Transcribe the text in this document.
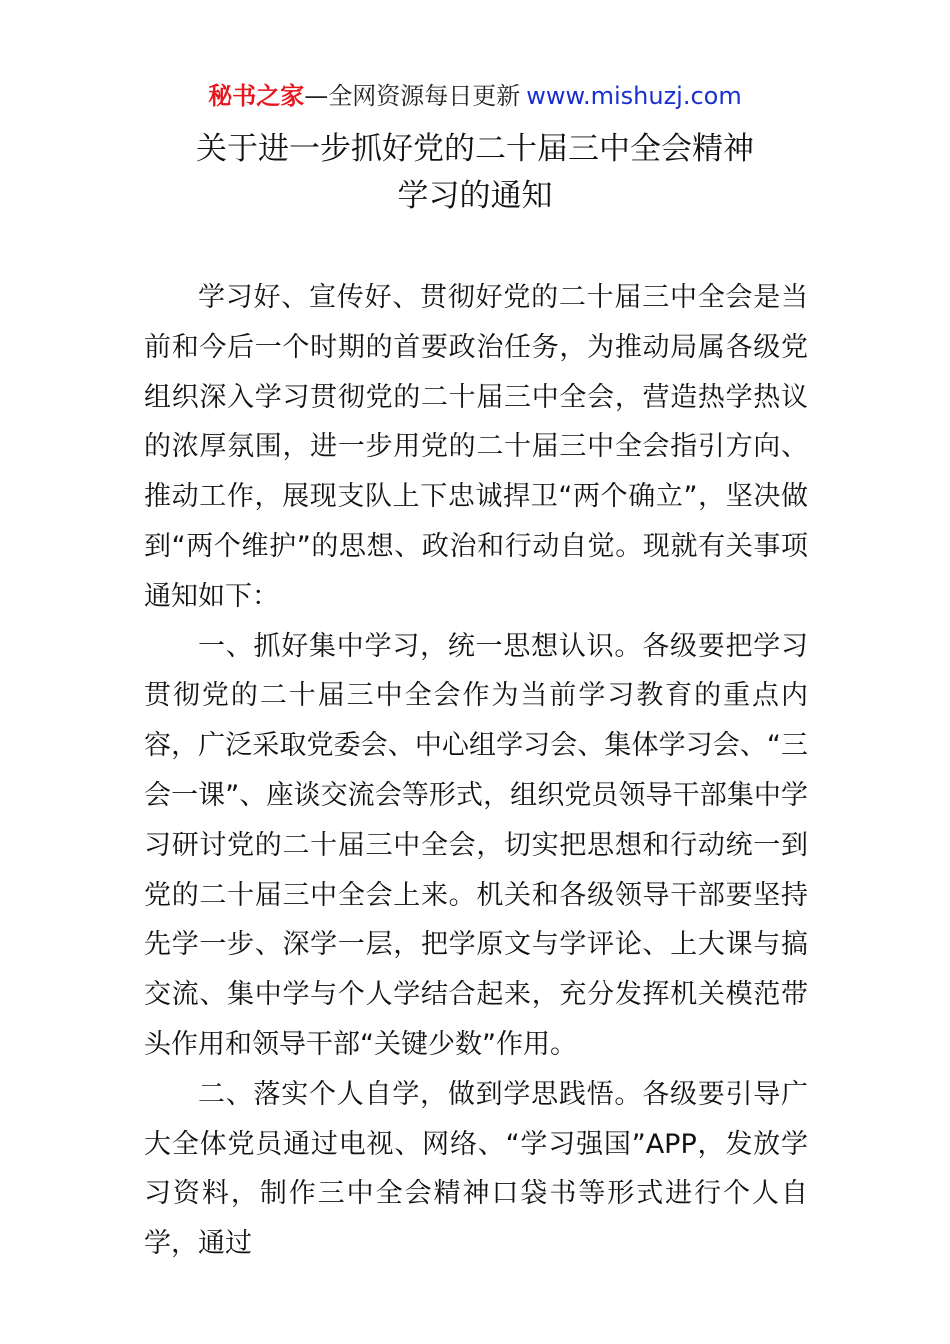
秘书之家—全网资源每日更新 www.mishuzj.com
关于进一步抓好党的二十届三中全会精神
学习的通知

学习好、宣传好、贯彻好党的二十届三中全会是当前和今后一个时期的首要政治任务，为推动局属各级党组织深入学习贯彻党的二十届三中全会，营造热学热议的浓厚氛围，进一步用党的二十届三中全会指引方向、推动工作，展现支队上下忠诚捍卫“两个确立”，坚决做到“两个维护”的思想、政治和行动自觉。现就有关事项通知如下：

一、抓好集中学习，统一思想认识。各级要把学习贯彻党的二十届三中全会作为当前学习教育的重点内容，广泛采取党委会、中心组学习会、集体学习会、“三会一课”、座谈交流会等形式，组织党员领导干部集中学习研讨党的二十届三中全会，切实把思想和行动统一到党的二十届三中全会上来。机关和各级领导干部要坚持先学一步、深学一层，把学原文与学评论、上大课与搞交流、集中学与个人学结合起来，充分发挥机关模范带头作用和领导干部“关键少数”作用。

二、落实个人自学，做到学思践悟。各级要引导广大全体党员通过电视、网络、“学习强国”APP，发放学习资料，制作三中全会精神口袋书等形式进行个人自学，通过
